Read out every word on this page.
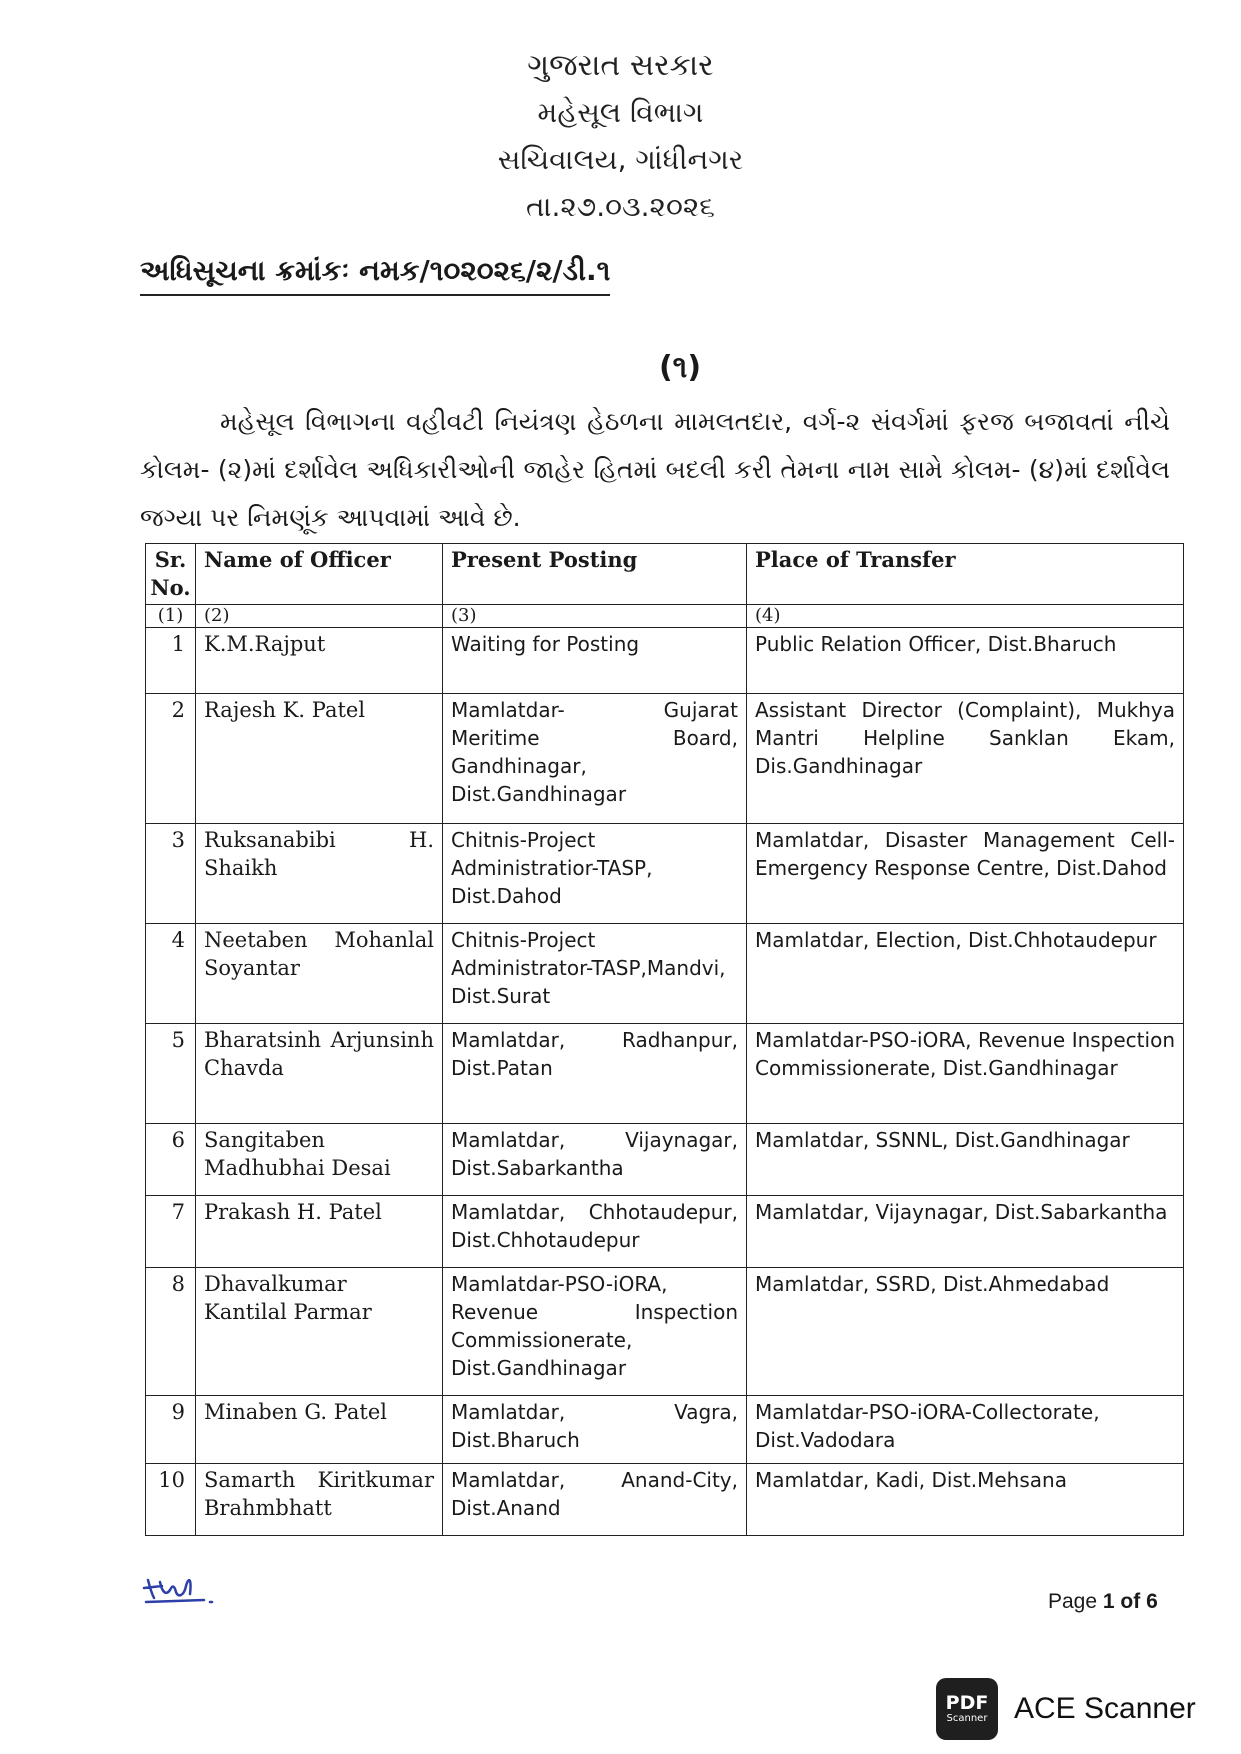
ગુજરાત સરકાર
મહેસૂલ વિભાગ
સચિવાલય, ગાંધીનગર
તા.૨૭.૦૩.૨૦૨૬
અધિસૂચના ક્રમાંકઃ નમક/૧૦૨૦૨૬/૨/ડી.૧
(૧)
મહેસૂલ વિભાગના વહીવટી નિયંત્રણ હેઠળના મામલતદાર, વર્ગ-૨ સંવર્ગમાં ફરજ બજાવતાં નીચે કોલમ- (૨)માં દર્શાવેલ અધિકારીઓની જાહેર હિતમાં બદલી કરી તેમના નામ સામે કોલમ- (૪)માં દર્શાવેલ જગ્યા પર નિમણૂંક આપવામાં આવે છે.
Sr. No.	Name of Officer	Present Posting	Place of Transfer
(1)	(2)	(3)	(4)
1	K.M.Rajput	Waiting for Posting	Public Relation Officer, Dist.Bharuch
2	Rajesh K. Patel	Mamlatdar- Gujarat Meritime Board, Gandhinagar, Dist.Gandhinagar	Assistant Director (Complaint), Mukhya Mantri Helpline Sanklan Ekam, Dis.Gandhinagar
3	Ruksanabibi H. Shaikh	Chitnis-Project Administratior-TASP, Dist.Dahod	Mamlatdar, Disaster Management Cell-Emergency Response Centre, Dist.Dahod
4	Neetaben Mohanlal Soyantar	Chitnis-Project Administrator-TASP,Mandvi, Dist.Surat	Mamlatdar, Election, Dist.Chhotaudepur
5	Bharatsinh Arjunsinh Chavda	Mamlatdar, Radhanpur, Dist.Patan	Mamlatdar-PSO-iORA, Revenue Inspection Commissionerate, Dist.Gandhinagar
6	Sangitaben Madhubhai Desai	Mamlatdar, Vijaynagar, Dist.Sabarkantha	Mamlatdar, SSNNL, Dist.Gandhinagar
7	Prakash H. Patel	Mamlatdar, Chhotaudepur, Dist.Chhotaudepur	Mamlatdar, Vijaynagar, Dist.Sabarkantha
8	Dhavalkumar Kantilal Parmar	Mamlatdar-PSO-iORA, Revenue Inspection Commissionerate, Dist.Gandhinagar	Mamlatdar, SSRD, Dist.Ahmedabad
9	Minaben G. Patel	Mamlatdar, Vagra, Dist.Bharuch	Mamlatdar-PSO-iORA-Collectorate, Dist.Vadodara
10	Samarth Kiritkumar Brahmbhatt	Mamlatdar, Anand-City, Dist.Anand	Mamlatdar, Kadi, Dist.Mehsana
Page 1 of 6
PDF
Scanner ACE Scanner
